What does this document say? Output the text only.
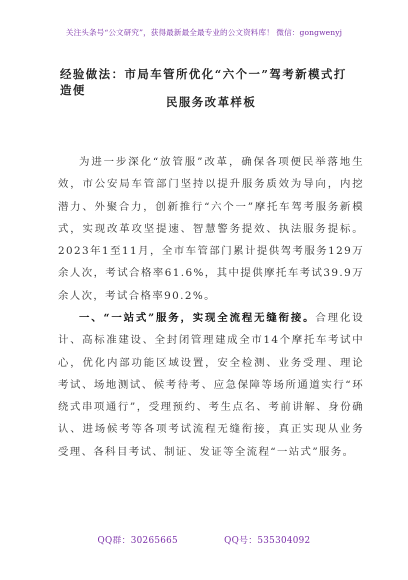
关注头条号“公文研究”，获得最新最全最专业的公文资料库！ 微信：gongwenyj
经验做法：市局车管所优化“六个一”驾考新模式打造便
民服务改革样板
为进一步深化“放管服”改革，确保各项便民举落地生效，市公安局车管部门坚持以提升服务质效为导向，内挖潜力、外聚合力，创新推行“六个一”摩托车驾考服务新模式，实现改革攻坚提速、智慧警务提效、执法服务提标。2023年1至11月，全市车管部门累计提供驾考服务129万余人次，考试合格率61.6%，其中提供摩托车考试39.9万余人次，考试合格率90.2%。
一、“一站式”服务，实现全流程无缝衔接。合理化设计、高标准建设、全封闭管理建成全市14个摩托车考试中心，优化内部功能区域设置，安全检测、业务受理、理论考试、场地测试、候考待考、应急保障等场所通道实行“环绕式串项通行”，受理预约、考生点名、考前讲解、身份确认、进场候考等各项考试流程无缝衔接，真正实现从业务受理、各科目考试、制证、发证等全流程“一站式”服务。
QQ群：30265665	QQ号：535304092
